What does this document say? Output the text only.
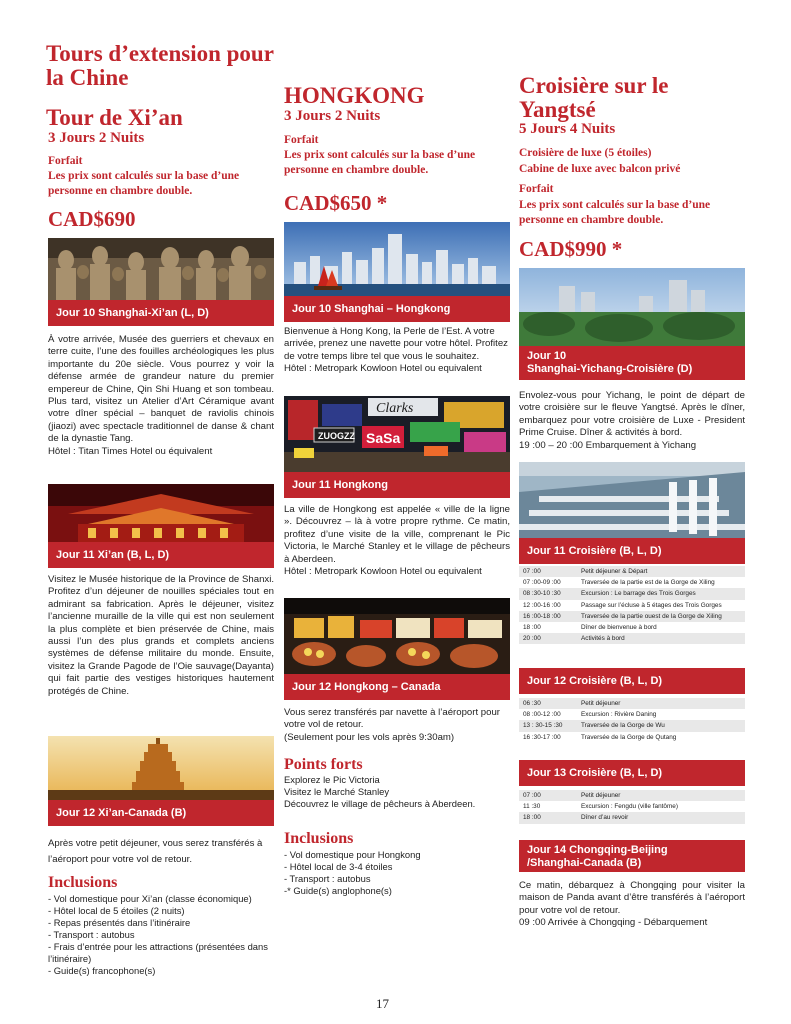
Tours d’extension pour la Chine
Tour de Xi’an
3 Jours 2 Nuits
Forfait
Les prix sont calculés sur la base d’une personne en chambre double.
CAD$690
Jour 10 Shanghai-Xi’an (L, D)

À votre arrivée, Musée des guerriers et chevaux en terre cuite, l’une des fouilles archéologiques les plus importante du 20e siècle. Vous pourrez y voir la défense armée de grandeur nature du premier empereur de Chine, Qin Shi Huang et son tombeau. Plus tard, visitez un Atelier d’Art Céramique avant votre dîner spécial – banquet de raviolis chinois (jiaozi) avec spectacle traditionnel de danse & chant de la dynastie Tang.

Hôtel : Titan Times Hotel ou équivalent

Jour 11 Xi’an (B, L, D)

Visitez le Musée historique de la Province de Shanxi. Profitez d’un déjeuner de nouilles spéciales tout en admirant sa fabrication. Après le déjeuner, visitez l’ancienne muraille de la ville qui est non seulement la plus complète et bien préservée de Chine, mais aussi l’un des plus grands et complets anciens systèmes de défense militaire du monde. Ensuite, visitez la Grande Pagode de l’Oie sauvage(Dayanta) qui fait partie des vestiges historiques hautement protégés de Chine.

Jour 12 Xi’an-Canada (B)

Après votre petit déjeuner, vous serez transférés à l’aéroport pour votre vol de retour.

Inclusions
- Vol domestique pour Xi’an (classe économique)
- Hôtel local de 5 étoiles (2 nuits)
- Repas présentés dans l’itinéraire
- Transport : autobus
- Frais d’entrée pour les attractions (présentées dans l’itinéraire)
- Guide(s) francophone(s)
HONGKONG
3 Jours 2 Nuits
Forfait
Les prix sont calculés sur la base d’une personne en chambre double.
CAD$650 *
Jour 10 Shanghai – Hongkong

Bienvenue à Hong Kong, la Perle de l’Est. A votre arrivée, prenez une navette pour votre hôtel. Profitez de votre temps libre tel que vous le souhaitez.

Hôtel : Metropark Kowloon Hotel ou equivalent

Clarks
ZUOGZZ SaSa
Jour 11 Hongkong

La ville de Hongkong est appelée « ville de la ligne ». Découvrez – là à votre propre rythme. Ce matin, profitez d’une visite de la ville, comprenant le Pic Victoria, le Marché Stanley et le village de pêcheurs à Aberdeen.

Hôtel : Metropark Kowloon Hotel ou equivalent

Jour 12 Hongkong – Canada

Vous serez transférés par navette à l’aéroport pour votre vol de retour.

(Seulement pour les vols après 9:30am)

Points forts
Explorez le Pic Victoria
Visitez le Marché Stanley
Découvrez le village de pêcheurs à Aberdeen.
Inclusions
- Vol domestique pour Hongkong
- Hôtel local de 3-4 étoiles
- Transport : autobus
-* Guide(s) anglophone(s)
Croisière sur le Yangtsé
5 Jours 4 Nuits
Croisière de luxe (5 étoiles)
Cabine de luxe avec balcon privé
Forfait
Les prix sont calculés sur la base d’une personne en chambre double.
CAD$990 *
Jour 10
Shanghai-Yichang-Croisière (D)

Envolez-vous pour Yichang, le point de départ de votre croisière sur le fleuve Yangtsé. Après le dîner, embarquez pour votre croisière de Luxe - President Prime Cruise. Dîner & activités à bord.

19 :00 – 20 :00 Embarquement à Yichang

Jour 11 Croisière (B, L, D)
07 :00	Petit déjeuner & Départ
07 :00-09 :00	Traversée de la partie est de la Gorge de Xiling
08 :30-10 :30	Excursion : Le barrage des Trois Gorges
12 :00-16 :00	Passage sur l’écluse à 5 étages des Trois Gorges
16 :00-18 :00	Traversée de la partie ouest de la Gorge de Xiling
18 :00	Dîner de bienvenue à bord
20 :00	Activités à bord
Jour 12 Croisière (B, L, D)
06 :30	Petit déjeuner
08 :00-12 :00	Excursion : Rivière Daning
13 : 30-15 :30	Traversée de la Gorge de Wu
16 :30-17 :00	Traversée de la Gorge de Qutang
Jour 13 Croisière (B, L, D)
07 :00	Petit déjeuner
11 :30	Excursion : Fengdu (ville fantôme)
18 :00	Dîner d’au revoir
Jour 14 Chongqing-Beijing
/Shanghai-Canada (B)

Ce matin, débarquez à Chongqing pour visiter la maison de Panda avant d’être transférés à l’aéroport pour votre vol de retour.

09 :00 Arrivée à Chongqing - Débarquement

17
